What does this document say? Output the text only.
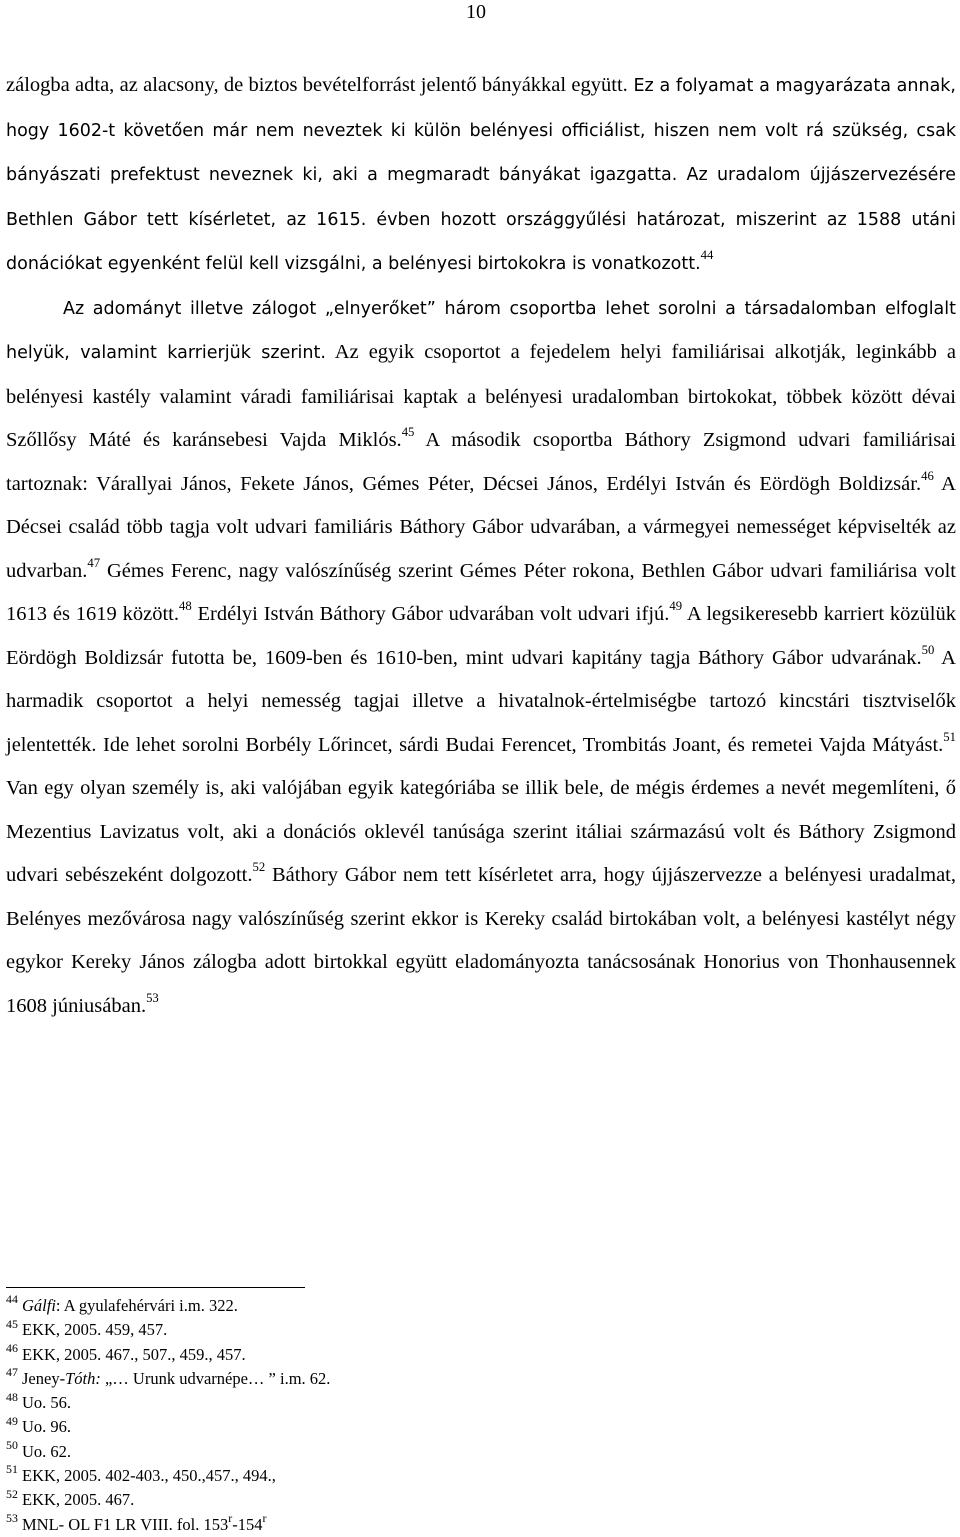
10

zálogba adta, az alacsony, de biztos bevételforrást jelentő bányákkal együtt. Ez a folyamat a magyarázata annak, hogy 1602-t követően már nem neveztek ki külön belényesi officiálist, hiszen nem volt rá szükség, csak bányászati prefektust neveznek ki, aki a megmaradt bányákat igazgatta. Az uradalom újjászervezésére Bethlen Gábor tett kísérletet, az 1615. évben hozott országgyűlési határozat, miszerint az 1588 utáni donációkat egyenként felül kell vizsgálni, a belényesi birtokokra is vonatkozott.$^{44}$

Az adományt illetve zálogot „elnyerőket” három csoportba lehet sorolni a társadalomban elfoglalt helyük, valamint karrierjük szerint. Az egyik csoportot a fejedelem helyi familiárisai alkotják, leginkább a belényesi kastély valamint váradi familiárisai kaptak a belényesi uradalomban birtokokat, többek között dévai Szőllősy Máté és karánsebesi Vajda Miklós.$^{45}$ A második csoportba Báthory Zsigmond udvari familiárisai tartoznak: Várallyai János, Fekete János, Gémes Péter, Décsei János, Erdélyi István és Eördögh Boldizsár.$^{46}$ A Décsei család több tagja volt udvari familiáris Báthory Gábor udvarában, a vármegyei nemességet képviselték az udvarban.$^{47}$ Gémes Ferenc, nagy valószínűség szerint Gémes Péter rokona, Bethlen Gábor udvari familiárisa volt 1613 és 1619 között.$^{48}$ Erdélyi István Báthory Gábor udvarában volt udvari ifjú.$^{49}$ A legsikeresebb karriert közülük Eördögh Boldizsár futotta be, 1609-ben és 1610-ben, mint udvari kapitány tagja Báthory Gábor udvarának.$^{50}$ A harmadik csoportot a helyi nemesség tagjai illetve a hivatalnok-értelmiségbe tartozó kincstári tisztviselők jelentették. Ide lehet sorolni Borbély Lőrincet, sárdi Budai Ferencet, Trombitás Joant, és remetei Vajda Mátyást.$^{51}$ Van egy olyan személy is, aki valójában egyik kategóriába se illik bele, de mégis érdemes a nevét megemlíteni, ő Mezentius Lavizatus volt, aki a donációs oklevél tanúsága szerint itáliai származású volt és Báthory Zsigmond udvari sebészeként dolgozott.$^{52}$ Báthory Gábor nem tett kísérletet arra, hogy újjászervezze a belényesi uradalmat, Belényes mezővárosa nagy valószínűség szerint ekkor is Kereky család birtokában volt, a belényesi kastélyt négy egykor Kereky János zálogba adott birtokkal együtt eladományozta tanácsosának Honorius von Thonhausennek 1608 júniusában.$^{53}$

$^{44}$ Gálfi: A gyulafehérvári i.m. 322.
$^{45}$ EKK, 2005. 459, 457.
$^{46}$ EKK, 2005. 467., 507., 459., 457.
$^{47}$ Jeney-Tóth: „… Urunk udvarnépe… ” i.m. 62.
$^{48}$ Uo. 56.
$^{49}$ Uo. 96.
$^{50}$ Uo. 62.
$^{51}$ EKK, 2005. 402-403., 450.,457., 494.,
$^{52}$ EKK, 2005. 467.
$^{53}$ MNL- OL F1 LR VIII. fol. 153$^r$-154$^r$
